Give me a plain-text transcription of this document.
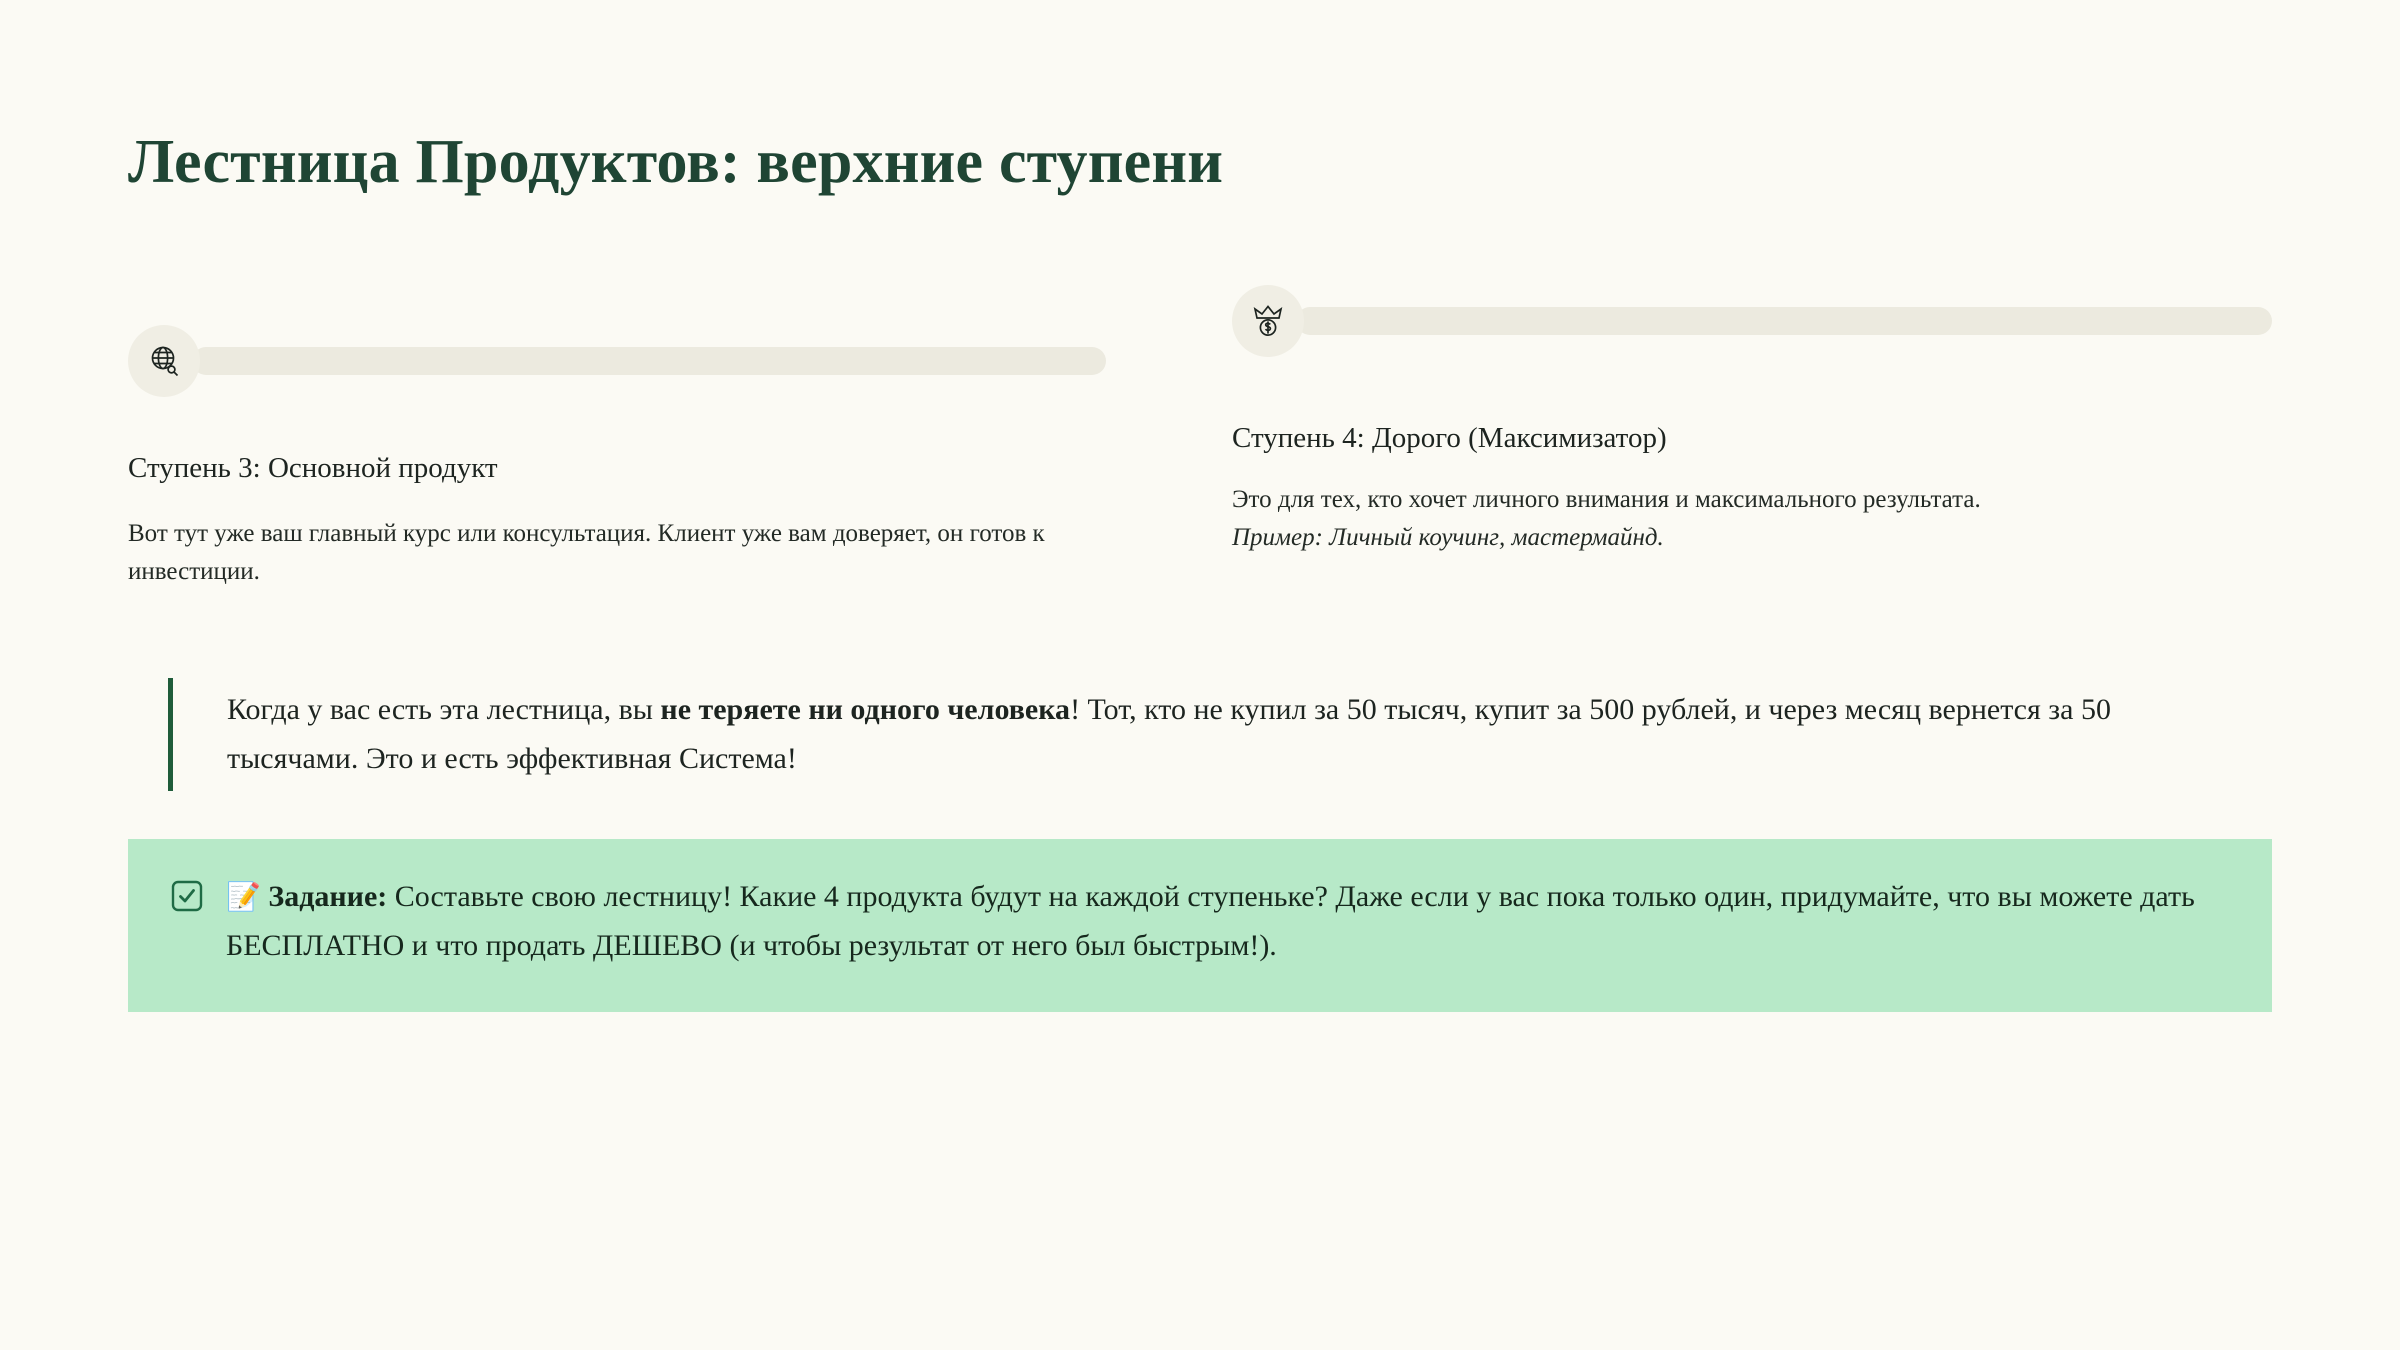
Лестница Продуктов: верхние ступени
Ступень 3: Основной продукт

Вот тут уже ваш главный курс или консультация. Клиент уже вам доверяет, он готов к инвестиции.

Ступень 4: Дорого (Максимизатор)

Это для тех, кто хочет личного внимания и максимального результата.

Пример: Личный коучинг, мастермайнд.

Когда у вас есть эта лестница, вы не теряете ни одного человека! Тот, кто не купил за 50 тысяч, купит за 500 рублей, и через месяц вернется за 50 тысячами. Это и есть эффективная Система!

📝 Задание: Составьте свою лестницу! Какие 4 продукта будут на каждой ступеньке? Даже если у вас пока только один, придумайте, что вы можете дать БЕСПЛАТНО и что продать ДЕШЕВО (и чтобы результат от него был быстрым!).
